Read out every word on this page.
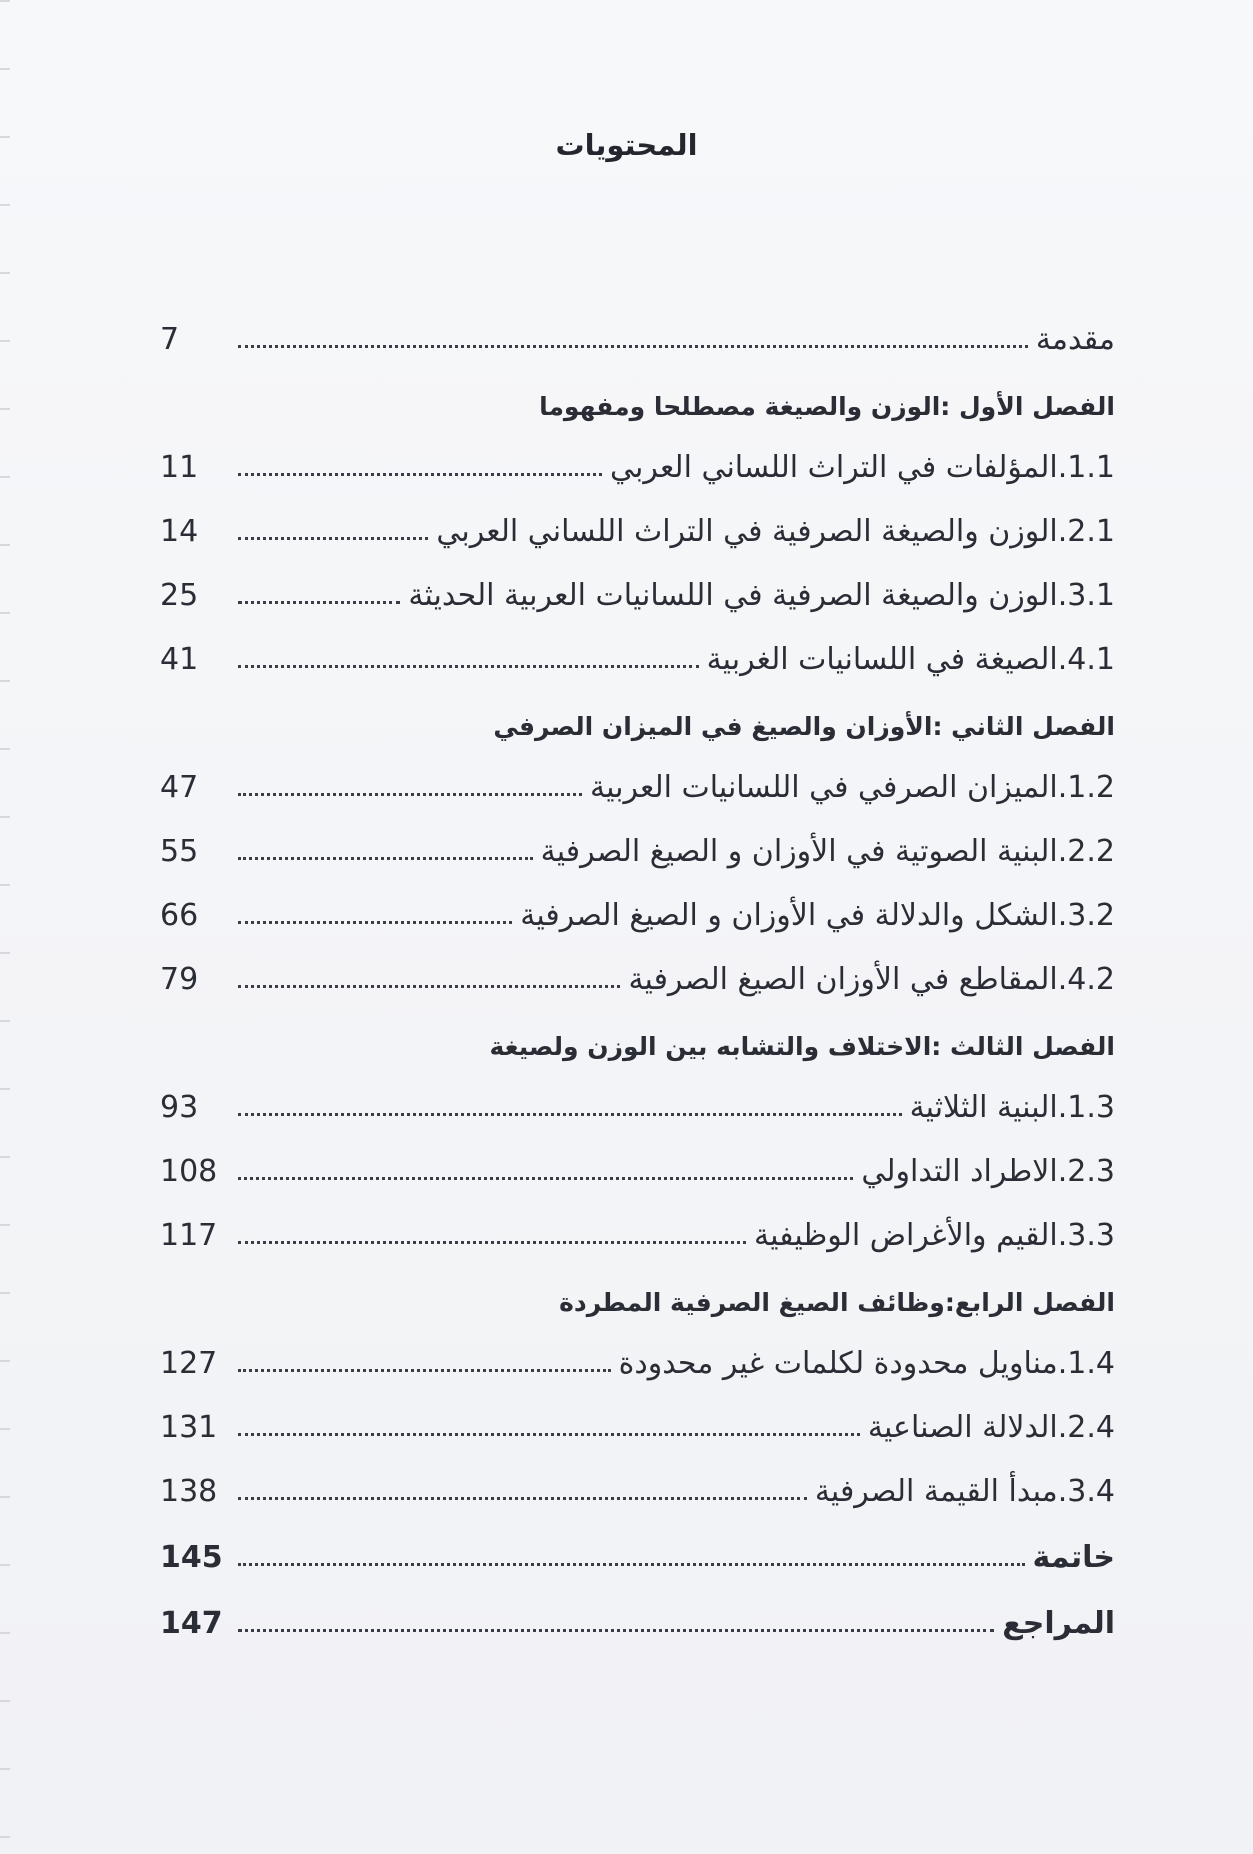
المحتويات
مقدمة
7
الفصل الأول :الوزن والصيغة مصطلحا ومفهوما
1.1.المؤلفات في التراث اللساني العربي
11
2.1.الوزن والصيغة الصرفية في التراث اللساني العربي
14
3.1.الوزن والصيغة الصرفية في اللسانيات العربية الحديثة
25
4.1.الصيغة في اللسانيات الغربية
41
الفصل الثاني :الأوزان والصيغ في الميزان الصرفي
1.2.الميزان الصرفي في اللسانيات العربية
47
2.2.البنية الصوتية في الأوزان و الصيغ الصرفية
55
3.2.الشكل والدلالة في الأوزان و الصيغ الصرفية
66
4.2.المقاطع في الأوزان الصيغ الصرفية
79
الفصل الثالث :الاختلاف والتشابه بين الوزن ولصيغة
1.3.البنية الثلاثية
93
2.3.الاطراد التداولي
108
3.3.القيم والأغراض الوظيفية
117
الفصل الرابع:وظائف الصيغ الصرفية المطردة
1.4.مناويل محدودة لكلمات غير محدودة
127
2.4.الدلالة الصناعية
131
3.4.مبدأ القيمة الصرفية
138
خاتمة
145
المراجع
147
